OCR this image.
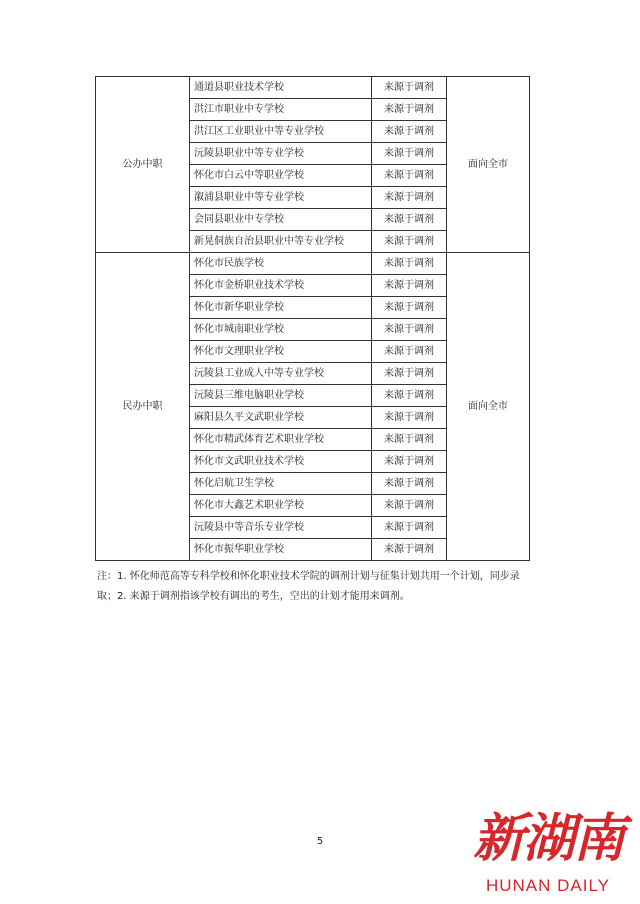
公办中职	通道县职业技术学校	来源于调剂	面向全市
	洪江市职业中专学校	来源于调剂	
	洪江区工业职业中等专业学校	来源于调剂	
	沅陵县职业中等专业学校	来源于调剂	
	怀化市白云中等职业学校	来源于调剂	
	溆浦县职业中等专业学校	来源于调剂	
	会同县职业中专学校	来源于调剂	
	新晃侗族自治县职业中等专业学校	来源于调剂	
民办中职	怀化市民族学校	来源于调剂	面向全市
	怀化市金桥职业技术学校	来源于调剂	
	怀化市新华职业学校	来源于调剂	
	怀化市城南职业学校	来源于调剂	
	怀化市文理职业学校	来源于调剂	
	沅陵县工业成人中等专业学校	来源于调剂	
	沅陵县三维电脑职业学校	来源于调剂	
	麻阳县久平文武职业学校	来源于调剂	
	怀化市精武体育艺术职业学校	来源于调剂	
	怀化市文武职业技术学校	来源于调剂	
	怀化启航卫生学校	来源于调剂	
	怀化市大鑫艺术职业学校	来源于调剂	
	沅陵县中等音乐专业学校	来源于调剂	
	怀化市振华职业学校	来源于调剂	

注：1. 怀化师范高等专科学校和怀化职业技术学院的调剂计划与征集计划共用一个计划，同步录取；2. 来源于调剂指该学校有调出的考生，空出的计划才能用来调剂。

5	新湖南
HUNAN DAILY
